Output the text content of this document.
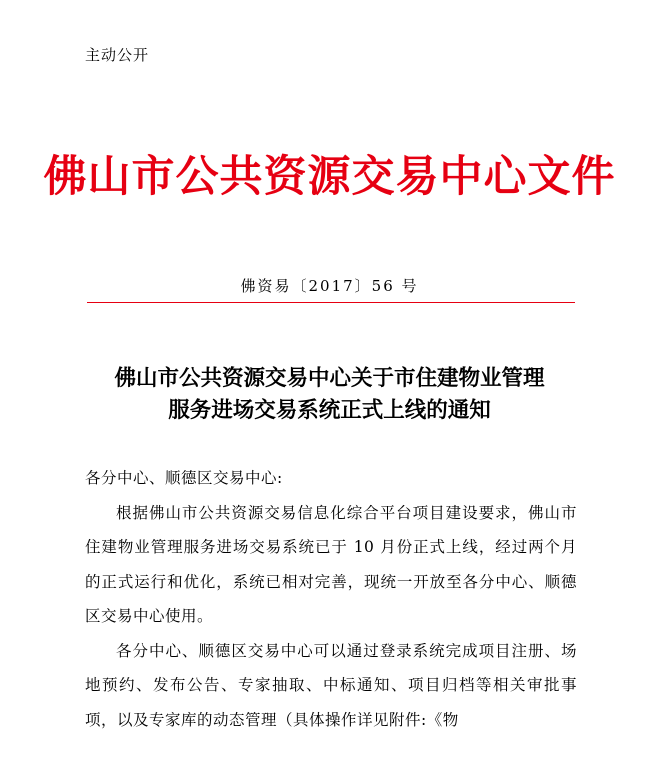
主动公开
佛山市公共资源交易中心文件
佛资易〔2017〕56 号
佛山市公共资源交易中心关于市住建物业管理
服务进场交易系统正式上线的通知

各分中心、顺德区交易中心:

根据佛山市公共资源交易信息化综合平台项目建设要求，佛山市住建物业管理服务进场交易系统已于 10 月份正式上线，经过两个月的正式运行和优化，系统已相对完善，现统一开放至各分中心、顺德区交易中心使用。

各分中心、顺德区交易中心可以通过登录系统完成项目注册、场地预约、发布公告、专家抽取、中标通知、项目归档等相关审批事项，以及专家库的动态管理（具体操作详见附件:《物
